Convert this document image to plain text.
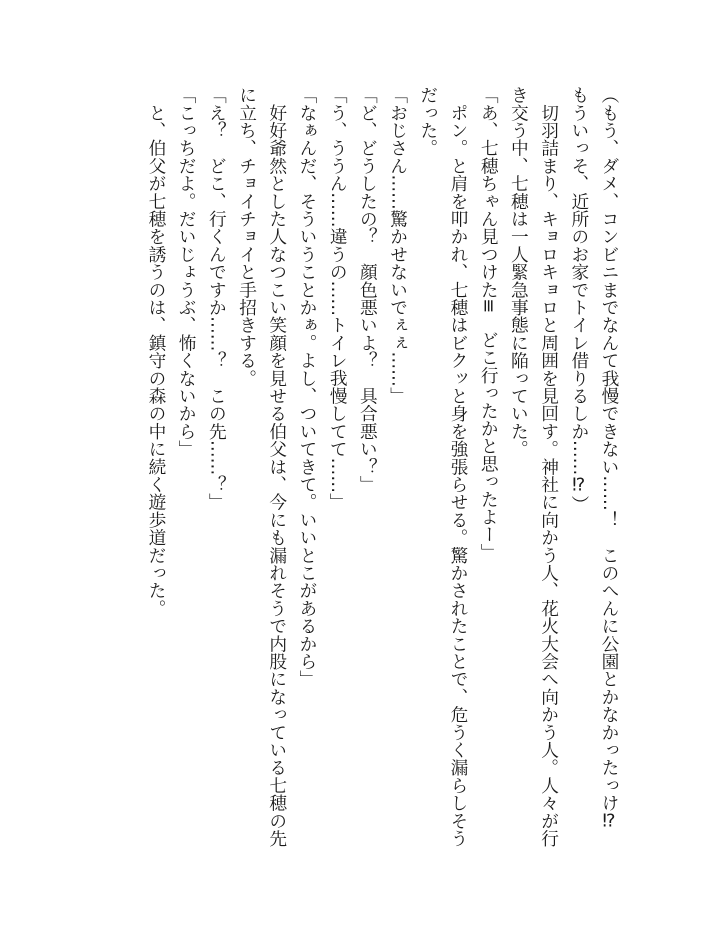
（もう、ダメ、コンビニまでなんて我慢できない……！　このへんに公園とかなかったっけ⁉
もういっそ、近所のお家でトイレ借りるしか……⁉）
　切羽詰まり、キョロキョロと周囲を見回す。神社に向かう人、花火大会へ向かう人。人々が行
き交う中、七穂は一人緊急事態に陥っていた。
「あ、七穂ちゃん見つけた≡　どこ行ったかと思ったよー」
　ポン。と肩を叩かれ、七穂はビクッと身を強張らせる。驚かされたことで、危うく漏らしそう
だった。
「おじさん……驚かせないでぇぇ……」
「ど、どうしたの？　顔色悪いよ？　具合悪い？」
「う、ううん……違うの……トイレ我慢してて……」
「なぁんだ、そういうことかぁ。よし、ついてきて。いいとこがあるから」
　好好爺然とした人なつこい笑顔を見せる伯父は、今にも漏れそうで内股になっている七穂の先
に立ち、チョイチョイと手招きする。
「え？　どこ、行くんですか……？　この先……？」
「こっちだよ。だいじょうぶ、怖くないから」
　と、伯父が七穂を誘うのは、鎮守の森の中に続く遊歩道だった。
